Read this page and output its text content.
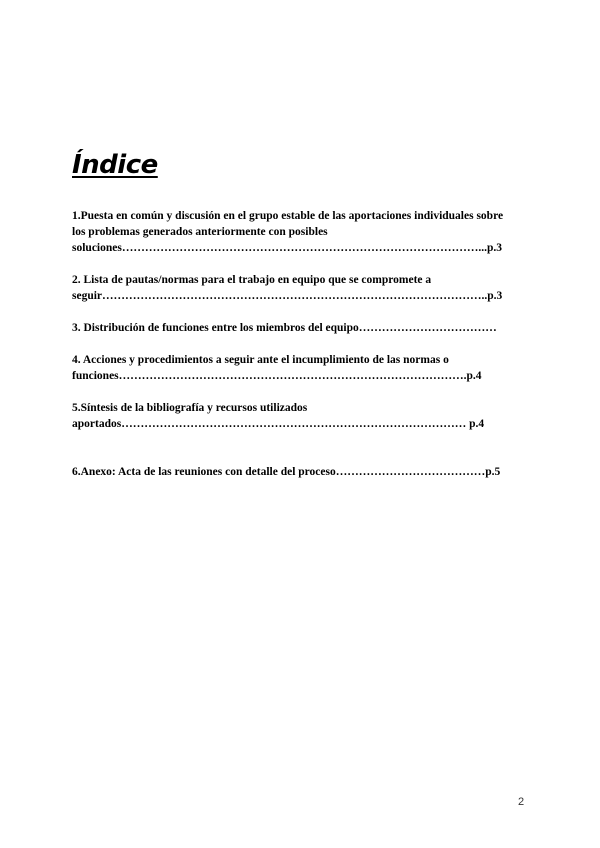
Índice
1.Puesta en común y discusión en el grupo estable de las aportaciones individuales sobre
los problemas generados anteriormente con posibles
soluciones…………………………………………………………………………………...p.3
2. Lista de pautas/normas para el trabajo en equipo que se compromete a
seguir………………………………………………………………………………………..p.3
3. Distribución de funciones entre los miembros del equipo………………………………
4. Acciones y procedimientos a seguir ante el incumplimiento de las normas o
funciones……………………………………………………………………………….p.4
5.Síntesis de la bibliografía y recursos utilizados
aportados……………………………………………………………………………… p.4
6.Anexo: Acta de las reuniones con detalle del proceso…………………………………p.5
2
